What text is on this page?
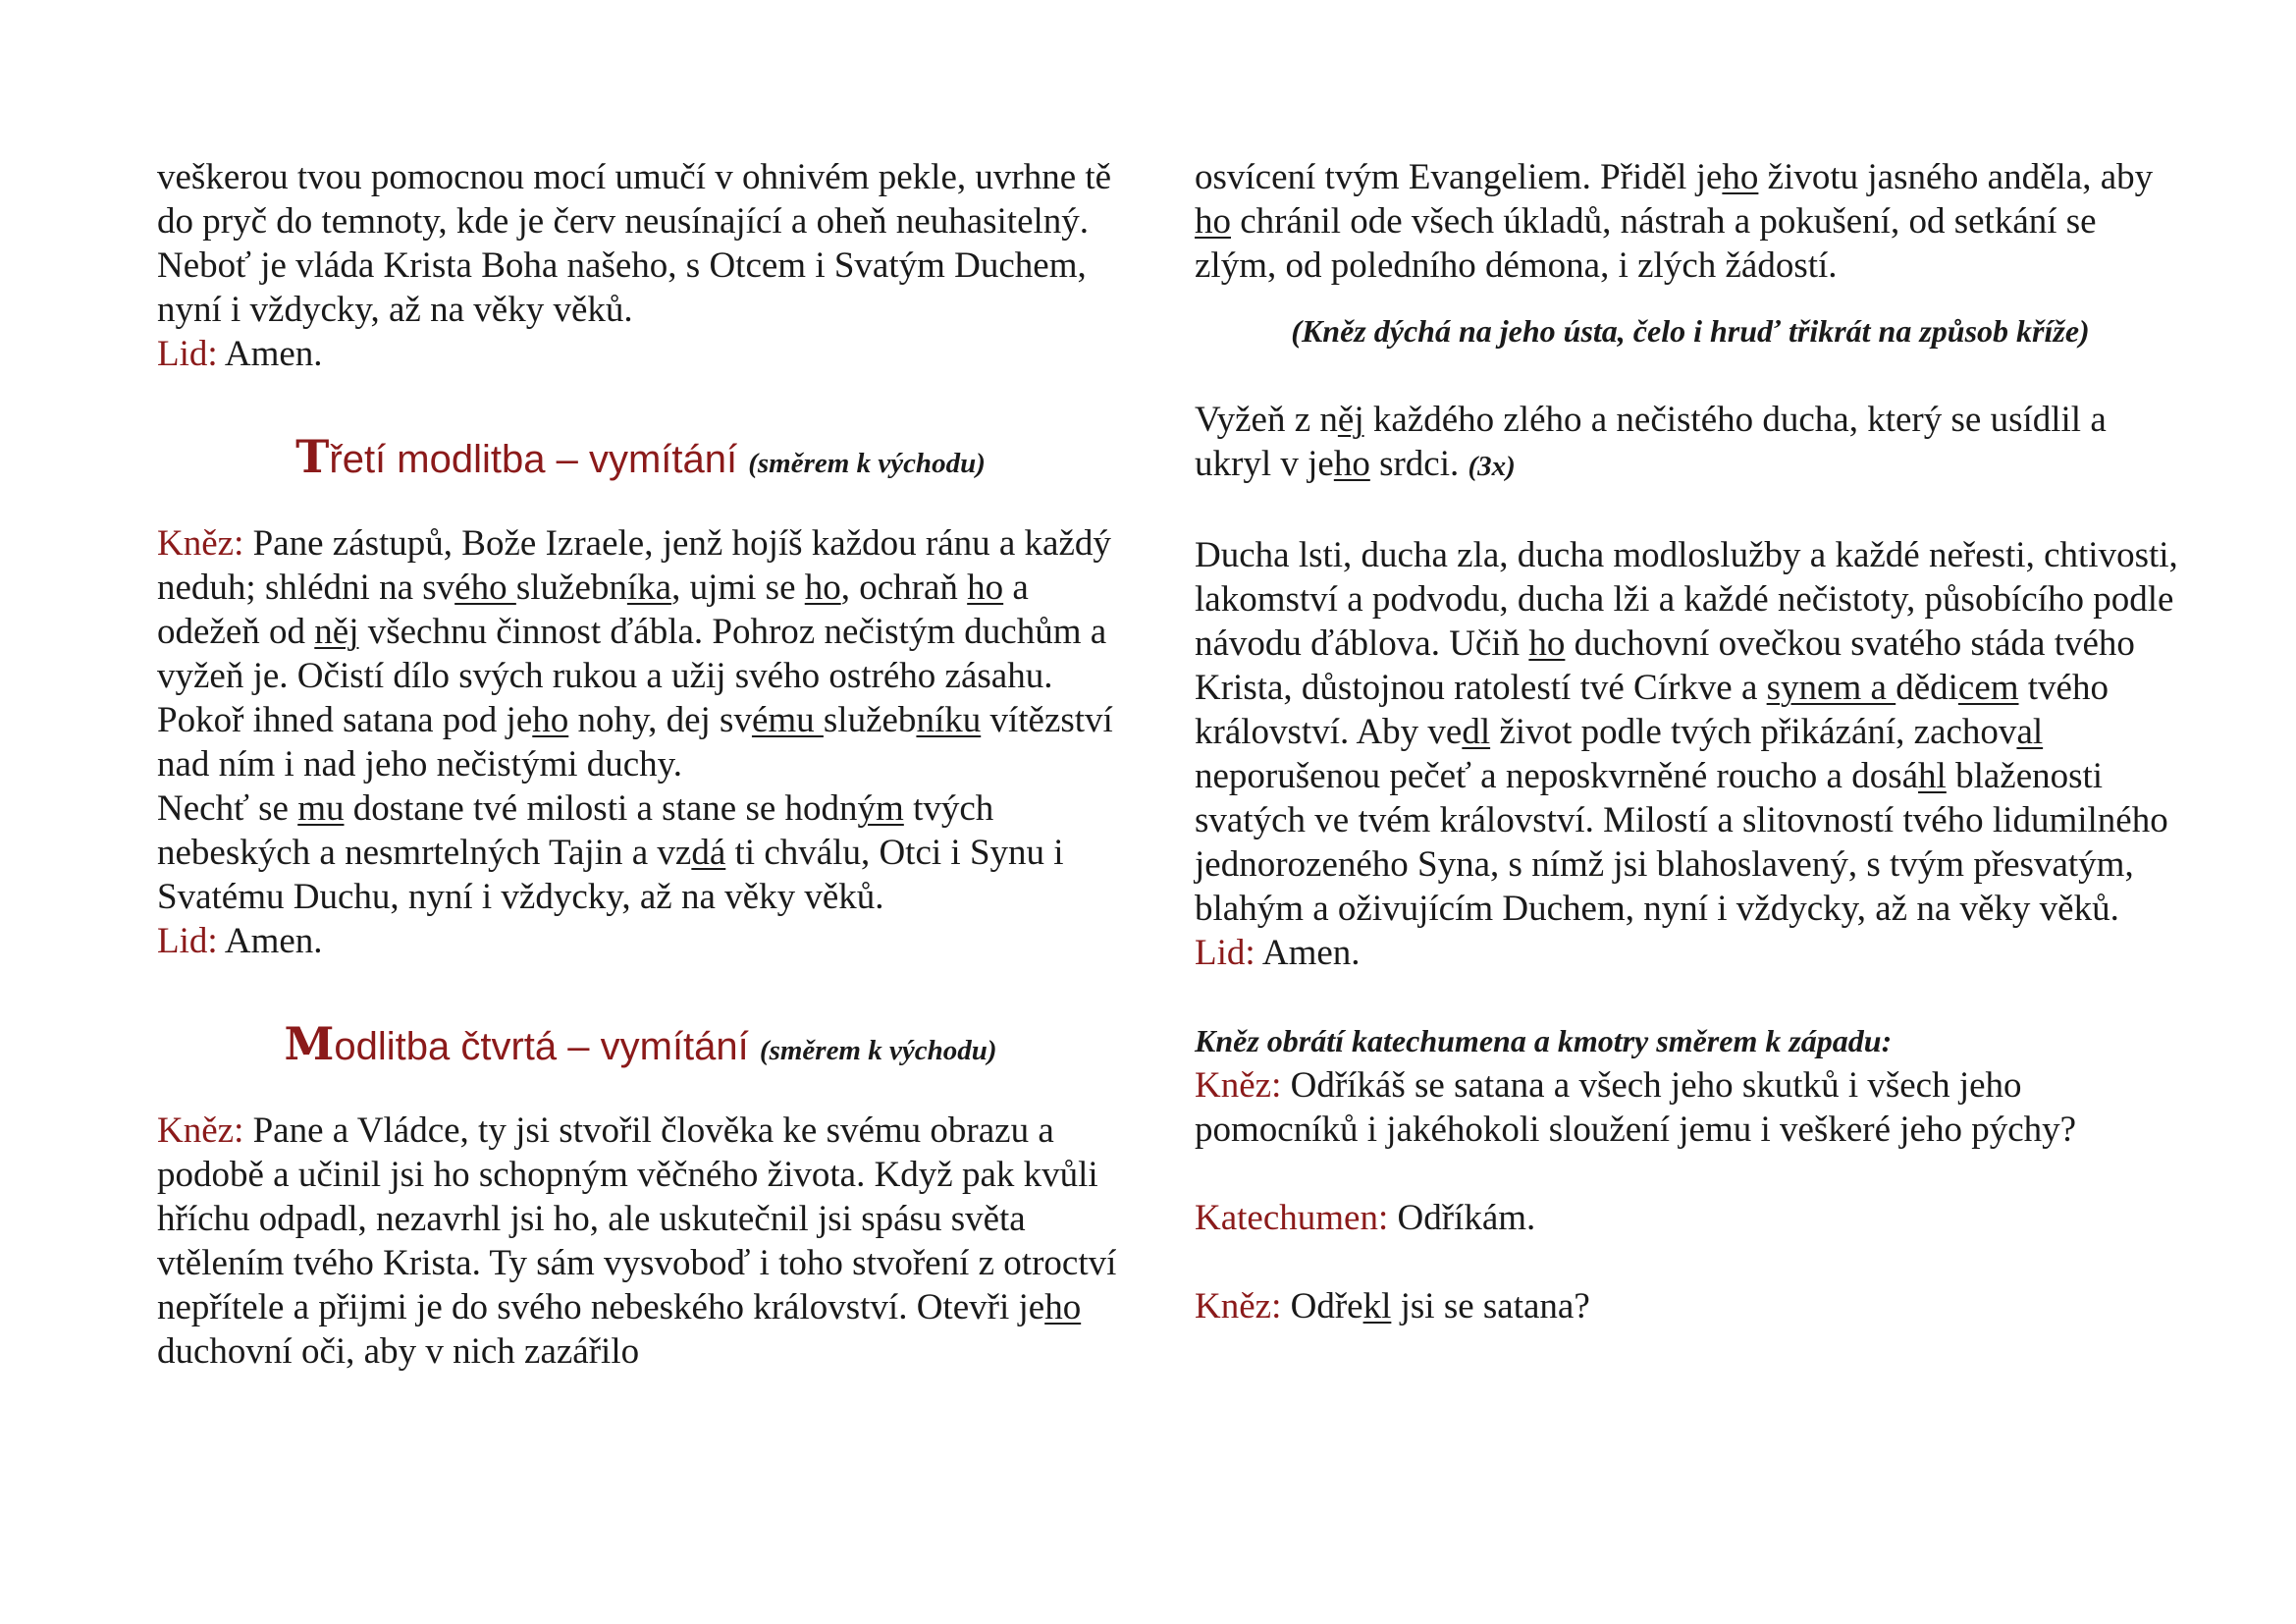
veškerou tvou pomocnou mocí umučí v ohnivém pekle, uvrhne tě do pryč do temnoty, kde je červ neusínající a oheň neuhasitelný.

Neboť je vláda Krista Boha našeho, s Otcem i Svatým Duchem, nyní i vždycky, až na věky věků.

Lid: Amen.

Třetí modlitba – vymítání (směrem k východu)

Kněz: Pane zástupů, Bože Izraele, jenž hojíš každou ránu a každý neduh; shlédni na svého služebníka, ujmi se ho, ochraň ho a odežeň od něj všechnu činnost ďábla. Pohroz nečistým duchům a vyžeň je. Očistí dílo svých rukou a užij svého ostrého zásahu. Pokoř ihned satana pod jeho nohy, dej svému služebníku vítězství nad ním i nad jeho nečistými duchy.

Nechť se mu dostane tvé milosti a stane se hodným tvých nebeských a nesmrtelných Tajin a vzdá ti chválu, Otci i Synu i Svatému Duchu, nyní i vždycky, až na věky věků.

Lid: Amen.

Modlitba čtvrtá – vymítání (směrem k východu)

Kněz: Pane a Vládce, ty jsi stvořil člověka ke svému obrazu a podobě a učinil jsi ho schopným věčného života. Když pak kvůli hříchu odpadl, nezavrhl jsi ho, ale uskutečnil jsi spásu světa vtělením tvého Krista. Ty sám vysvoboď i toho stvoření z otroctví nepřítele a přijmi je do svého nebeského království. Otevři jeho duchovní oči, aby v nich zazářilo

osvícení tvým Evangeliem. Přiděl jeho životu jasného anděla, aby ho chránil ode všech úkladů, nástrah a pokušení, od setkání se zlým, od poledního démona, i zlých žádostí.

(Kněz dýchá na jeho ústa, čelo i hruď třikrát na způsob kříže)

Vyžeň z něj každého zlého a nečistého ducha, který se usídlil a ukryl v jeho srdci. (3x)

Ducha lsti, ducha zla, ducha modloslužby a každé neřesti, chtivosti, lakomství a podvodu, ducha lži a každé nečistoty, působícího podle návodu ďáblova. Učiň ho duchovní ovečkou svatého stáda tvého Krista, důstojnou ratolestí tvé Církve a synem a dědicem tvého království. Aby vedl život podle tvých přikázání, zachoval neporušenou pečeť a neposkvrněné roucho a dosáhl blaženosti svatých ve tvém království. Milostí a slitovností tvého lidumilného jednorozeného Syna, s nímž jsi blahoslavený, s tvým přesvatým, blahým a oživujícím Duchem, nyní i vždycky, až na věky věků.

Lid: Amen.

Kněz obrátí katechumena a kmotry směrem k západu:

Kněz: Odříkáš se satana a všech jeho skutků i všech jeho pomocníků i jakéhokoli sloužení jemu i veškeré jeho pýchy?

Katechumen: Odříkám.

Kněz: Odřekl jsi se satana?
